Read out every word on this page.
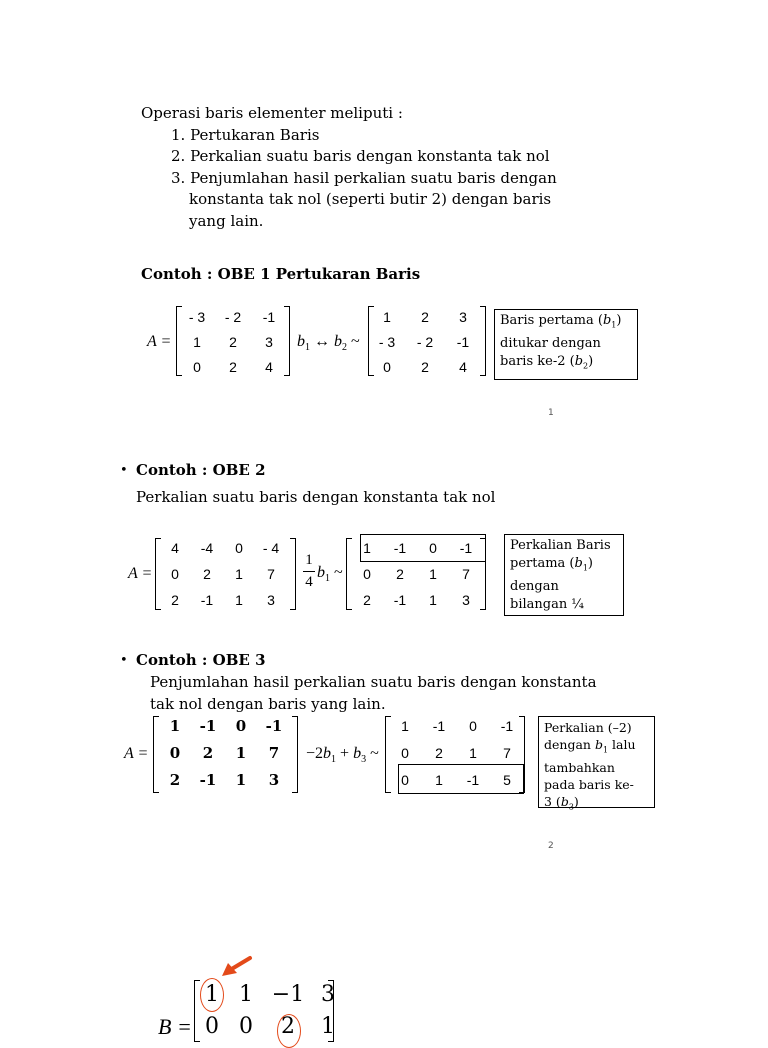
Operasi baris elementer meliputi :
1. Pertukaran Baris
2. Perkalian suatu baris dengan konstanta tak nol
3. Penjumlahan hasil perkalian suatu baris dengan
konstanta tak nol (seperti butir 2) dengan baris
yang lain.
Contoh : OBE 1 Pertukaran Baris
A =
- 3	- 2	-1
1	2	3
0	2	4
$b_1$ ↔ $b_2$ ~
1	2	3
- 3	- 2	-1
0	2	4
Baris pertama $(b_1)$
ditukar dengan
baris ke-2 $(b_2)$
1
• Contoh : OBE 2
Perkalian suatu baris dengan konstanta tak nol
A =
4	-4	0	- 4
0	2	1	7
2	-1	1	3
1
4
$b_1$ ~
1	-1	0	-1
0	2	1	7
2	-1	1	3
Perkalian Baris
pertama $(b_1)$
dengan
bilangan ¼
• Contoh : OBE 3
Penjumlahan hasil perkalian suatu baris dengan konstanta
tak nol dengan baris yang lain.
A =
1	-1	0	-1
0	2	1	7
2	-1	1	3
$-2b_1 + b_3$ ~
1	-1	0	-1
0	2	1	7
0	1	-1	5
Perkalian (–2)
dengan $b_1$ lalu
tambahkan
pada baris ke-
3 $(b_3)$
2
B =
1 1 −1 3
0 0	2	1
